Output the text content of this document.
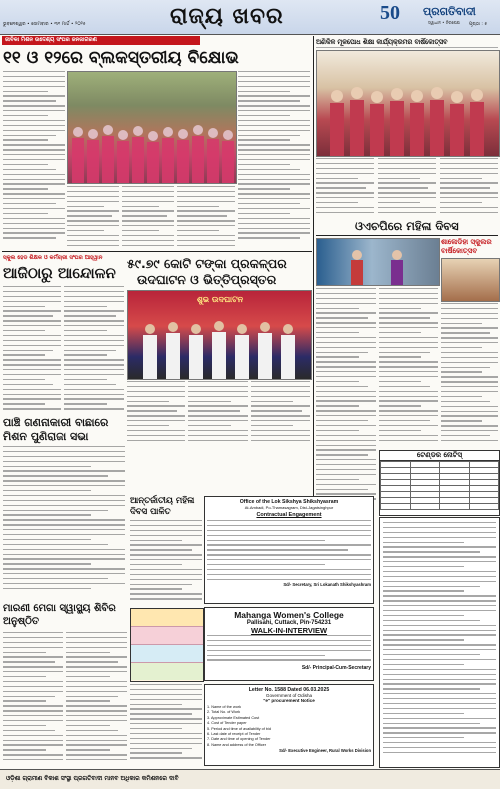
ଭୁବନେଶ୍ୱର • ସୋମବାର • ୩୧ ମାର୍ଚ୍ଚ • ୨୦୨୫	ରାଜ୍ୟ ଖବର	50	ପ୍ରଗତିବାଦୀ
ସ୍ୱାଧୀନ • ନିରପେକ୍ଷ ପୃଷ୍ଠା : ୫
ଜୀବିକା ମିଶନ ଉଦ୍ଦେଶ୍ୟ ସଂଘର ଜନଜାଗରଣ
୧୧ ଓ ୧୨ରେ ବ୍ଲକସ୍ତରୀୟ ବିକ୍ଷୋଭ
ଅଣିକିଳ ମୂଳପୋଧ ଶିକ୍ଷା କାର୍ଯ୍ୟକ୍ରମର ବାର୍ଷିକୋତ୍ସବ
ଓଏଚପିରେ ମହିଳା ଦିବସ
ଶାଳୋଡିହା ସ୍କୁଲର ବାର୍ଷିକୋତ୍ସବ
ଟେଣ୍ଡର ନୋଟିସ୍

ସ୍କୁଲ ହେଡ ଶିକ୍ଷକ ଓ କର୍ମଚାରୀ ସଂଘର ଆହ୍ୱାନ
ଆଜିଠାରୁ ଆନ୍ଦୋଳନ
୫୯.୭୯ କୋଟି ଟଙ୍କା ପ୍ରକଳ୍ପର
ଉଦଘାଟନ ଓ ଭିତ୍ତିପ୍ରସ୍ତର
ଶୁଭ ଉଦଘାଟନ
ପାଞ୍ଚି ଗଣନାକାରୀ ବାଛାରେ ମିଶନ ପୁଣିରାଜା ସଭା
ଆନ୍ତର୍ଜାତୀୟ ମହିଳା ଦିବସ ପାଳିତ
Office of the Lok Sikshya Shikshyasram
At-Ambadi, Po-Thamasagram, Dist-Jagatsinghpur
Contractual Engagement
Sd/- Secretary, Sri Lokanath Shikshyashram
Mahanga Women's College
Pallisahi, Cuttack, Pin-754231
WALK-IN-INTERVIEW
Sd/- Principal-Cum-Secretary
Letter No. 1588 Dated 06.03.2025
Government of Odisha
"e" procurement Notice
1. Name of the work
2. Total No. of Work
3. Approximate Estimated Cost
4. Cost of Tender paper
5. Period and time of availability of bid
6. Last date of receipt of Tender
7. Date and time of opening of Tender
8. Name and address of the Officer
Sd/- Executive Engineer, Rural Works Division
ମାରଣୀ ମେଗା ସ୍ୱାସ୍ଥ୍ୟ ଶିବିର ଅନୁଷ୍ଠିତ
ଓଡ଼ିଶା ଗ୍ରାମୀଣ ବିକାଶ ସଂସ୍ଥା ପ୍ରଗତିବାଦୀ ମାନବ ଅଧିକାର କମିଶନରେ ଦାବି
